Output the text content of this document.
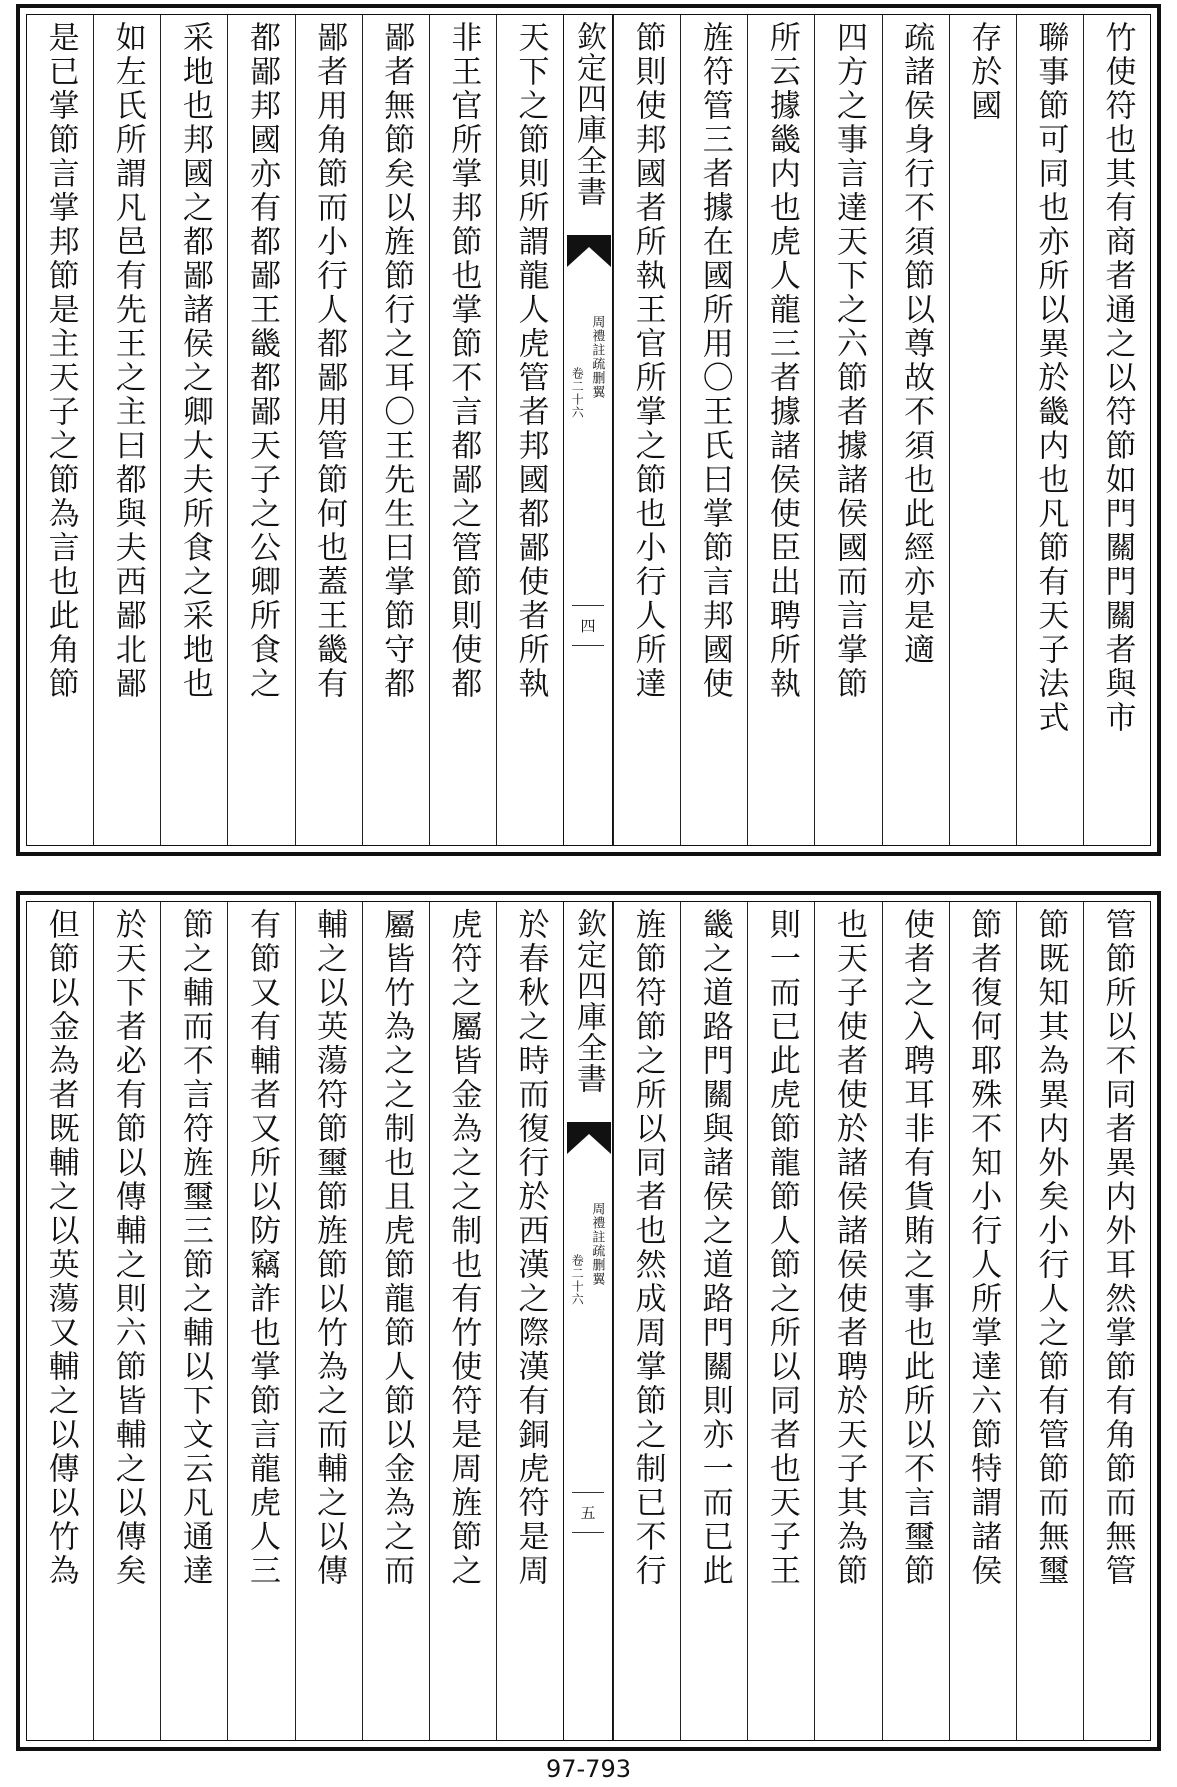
竹使符也其有商者通之以符節如門關門關者與市
聯事節可同也亦所以異於畿内也凡節有天子法式
存於國
疏諸侯身行不須節以尊故不須也此經亦是適
四方之事言達天下之六節者據諸侯國而言掌節
所云據畿内也虎人龍三者據諸侯使臣出聘所執
旌符管三者據在國所用〇王氏曰掌節言邦國使
節則使邦國者所執王官所掌之節也小行人所達
欽定四庫全書
周禮註疏删翼
卷二十六
四
天下之節則所謂龍人虎管者邦國都鄙使者所執
非王官所掌邦節也掌節不言都鄙之管節則使都
鄙者無節矣以旌節行之耳〇王先生曰掌節守都
鄙者用角節而小行人都鄙用管節何也蓋王畿有
都鄙邦國亦有都鄙王畿都鄙天子之公卿所食之
采地也邦國之都鄙諸侯之卿大夫所食之采地也
如左氏所謂凡邑有先王之主曰都與夫西鄙北鄙
是已掌節言掌邦節是主天子之節為言也此角節
管節所以不同者異内外耳然掌節有角節而無管
節既知其為異内外矣小行人之節有管節而無璽
節者復何耶殊不知小行人所掌達六節特謂諸侯
使者之入聘耳非有貨賄之事也此所以不言璽節
也天子使者使於諸侯諸侯使者聘於天子其為節
則一而已此虎節龍節人節之所以同者也天子王
畿之道路門關與諸侯之道路門關則亦一而已此
旌節符節之所以同者也然成周掌節之制已不行
欽定四庫全書
周禮註疏删翼
卷二十六
五
於春秋之時而復行於西漢之際漢有銅虎符是周
虎符之屬皆金為之之制也有竹使符是周旌節之
屬皆竹為之之制也且虎節龍節人節以金為之而
輔之以英蕩符節璽節旌節以竹為之而輔之以傳
有節又有輔者又所以防竊詐也掌節言龍虎人三
節之輔而不言符旌璽三節之輔以下文云凡通達
於天下者必有節以傳輔之則六節皆輔之以傳矣
但節以金為者既輔之以英蕩又輔之以傳以竹為
97-793
